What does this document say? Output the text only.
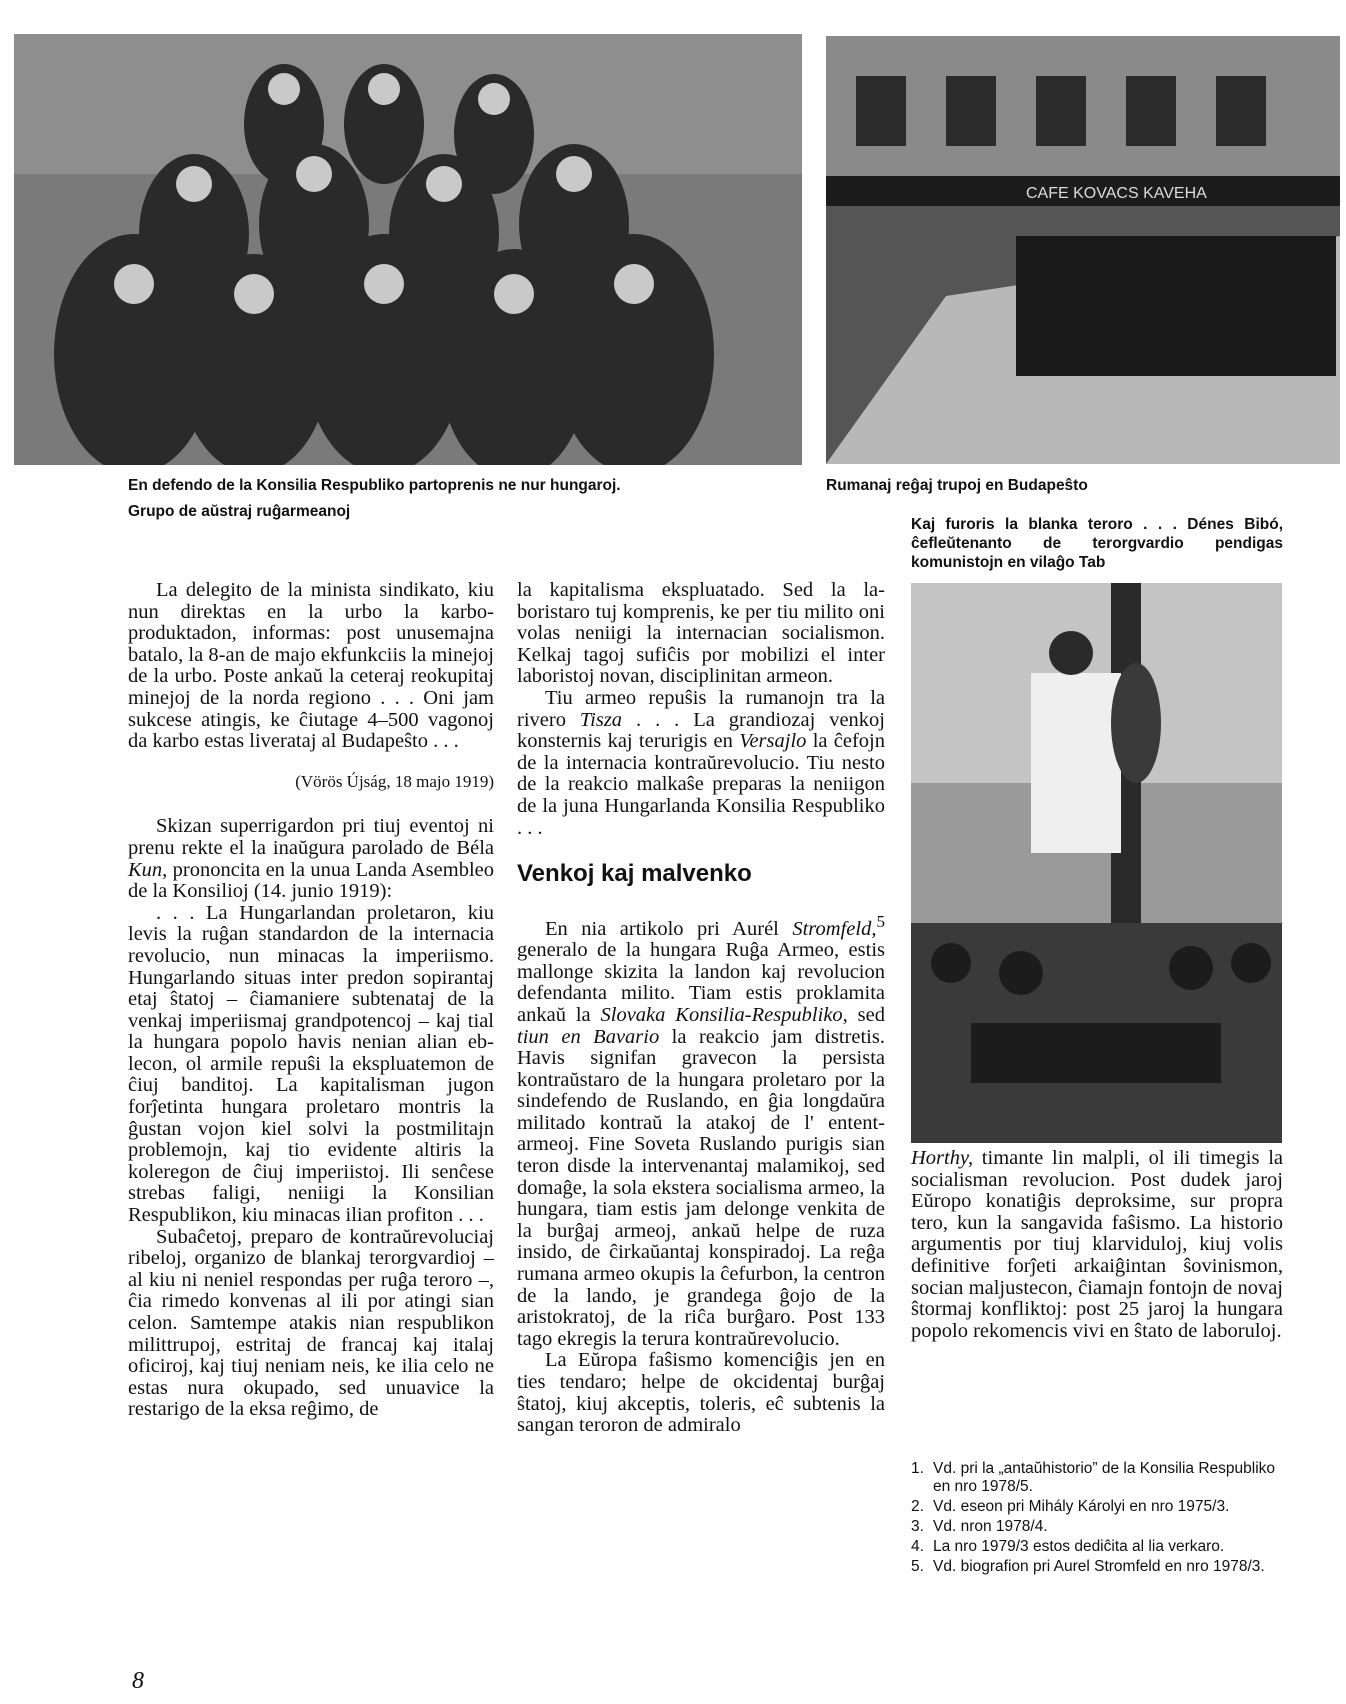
CAFE KOVACS KAVEHA
En defendo de la Konsilia Respubliko partoprenis ne nur hungaroj.
Grupo de aŭstraj ruĝarmeanoj
Rumanaj reĝaj trupoj en Budapeŝto
Kaj furoris la blanka teroro . . . Dénes Bibó, ĉefleŭtenanto de terorgvardio pendigas komunistojn en vilaĝo Tab

La delegito de la minista sindikato, kiu nun direktas en la urbo la karboproduktadon, informas: post unusemajna batalo, la 8-an de majo ekfunkciis la minejoj de la urbo. Poste ankaŭ la ceteraj reokupitaj minejoj de la norda regiono . . . Oni jam sukcese atingis, ke ĉiutage 4–500 vagonoj da karbo estas liverataj al Budapeŝto . . .

(Vörös Újság, 18 majo 1919)

Skizan superrigardon pri tiuj eventoj ni prenu rekte el la inaŭgura parolado de Béla Kun, prononcita en la unua Landa Asembleo de la Konsilioj (14. junio 1919):

. . . La Hungarlandan proletaron, kiu levis la ruĝan standardon de la internacia revolucio, nun minacas la imperiismo. Hungarlando situas inter predon sopirantaj etaj ŝtatoj – ĉiamaniere subtenataj de la venkaj imperiismaj grandpotencoj – kaj tial la hungara popolo havis nenian alian eblecon, ol armile repuŝi la ekspluatemon de ĉiuj banditoj. La kapitalisman jugon forĵetinta hungara proletaro montris la ĝustan vojon kiel solvi la postmilitajn problemojn, kaj tio evidente altiris la koleregon de ĉiuj imperiistoj. Ili senĉese strebas faligi, neniigi la Konsilian Respublikon, kiu minacas ilian profiton . . .

Subaĉetoj, preparo de kontraŭrevoluciaj ribeloj, organizo de blankaj terorgvardioj – al kiu ni neniel respondas per ruĝa teroro –, ĉia rimedo konvenas al ili por atingi sian celon. Samtempe atakis nian respublikon milittrupoj, estritaj de francaj kaj italaj oficiroj, kaj tiuj neniam neis, ke ilia celo ne estas nura okupado, sed unuavice la restarigo de la eksa reĝimo, de

la kapitalisma ekspluatado. Sed la laboristaro tuj komprenis, ke per tiu milito oni volas neniigi la internacian socialismon. Kelkaj tagoj sufiĉis por mobilizi el inter laboristoj novan, disciplinitan armeon.

Tiu armeo repuŝis la rumanojn tra la rivero Tisza . . . La grandiozaj venkoj konsternis kaj terurigis en Versajlo la ĉefojn de la internacia kontraŭrevolucio. Tiu nesto de la reakcio malkaŝe preparas la neniigon de la juna Hungarlanda Konsilia Respubliko . . .

Venkoj kaj malvenko

En nia artikolo pri Aurél Stromfeld,$^5$ generalo de la hungara Ruĝa Armeo, estis mallonge skizita la landon kaj revolucion defendanta milito. Tiam estis proklamita ankaŭ la Slovaka Konsilia-Respubliko, sed tiun en Bavario la reakcio jam distretis. Havis signifan gravecon la persista kontraŭstaro de la hungara proletaro por la sindefendo de Ruslando, en ĝia longdaŭra militado kontraŭ la atakoj de l' entent-armeoj. Fine Soveta Ruslando purigis sian teron disde la intervenantaj malamikoj, sed domaĝe, la sola ekstera socialisma armeo, la hungara, tiam estis jam delonge venkita de la burĝaj armeoj, ankaŭ helpe de ruza insido, de ĉirkaŭantaj konspiradoj. La reĝa rumana armeo okupis la ĉefurbon, la centron de la lando, je grandega ĝojo de la aristokratoj, de la riĉa burĝaro. Post 133 tago ekregis la terura kontraŭrevolucio.

La Eŭropa faŝismo komenciĝis jen en ties tendaro; helpe de okcidentaj burĝaj ŝtatoj, kiuj akceptis, toleris, eĉ subtenis la sangan teroron de admiralo

Horthy, timante lin malpli, ol ili timegis la socialisman revolucion. Post dudek jaroj Eŭropo konatiĝis deproksime, sur propra tero, kun la sangavida faŝismo. La historio argumentis por tiuj klarviduloj, kiuj volis definitive forĵeti arkaiĝintan ŝovinismon, socian maljustecon, ĉiamajn fontojn de novaj ŝtormaj konfliktoj: post 25 jaroj la hungara popolo rekomencis vivi en ŝtato de laboruloj.

1. Vd. pri la „antaŭhistorio” de la Konsilia Respubliko en nro 1978/5.
2. Vd. eseon pri Mihály Károlyi en nro 1975/3.
3. Vd. nron 1978/4.
4. La nro 1979/3 estos dediĉita al lia verkaro.
5. Vd. biografion pri Aurel Stromfeld en nro 1978/3.
8
